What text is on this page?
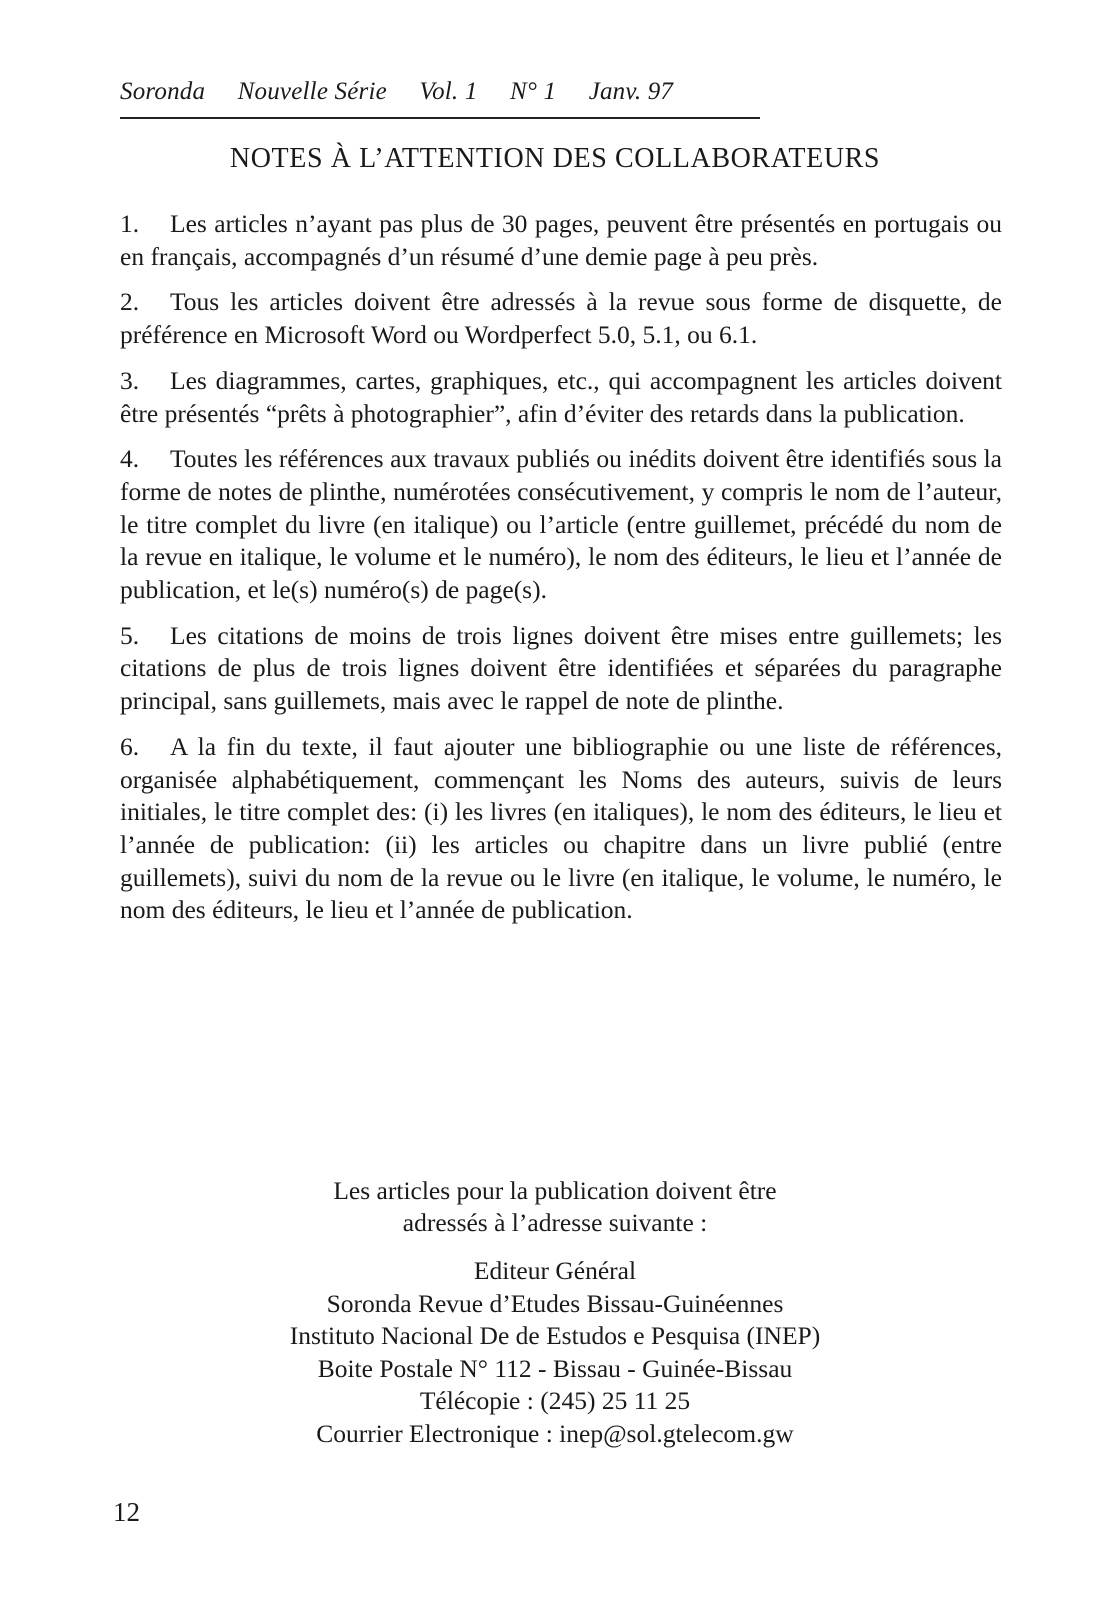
Soronda Nouvelle Série Vol. 1 N° 1 Janv. 97
NOTES À L’ATTENTION DES COLLABORATEURS

1. Les articles n’ayant pas plus de 30 pages, peuvent être présentés en portugais ou en français, accompagnés d’un résumé d’une demie page à peu près.

2. Tous les articles doivent être adressés à la revue sous forme de disquette, de préférence en Microsoft Word ou Wordperfect 5.0, 5.1, ou 6.1.

3. Les diagrammes, cartes, graphiques, etc., qui accompagnent les articles doivent être présentés “prêts à photographier”, afin d’éviter des retards dans la publication.

4. Toutes les références aux travaux publiés ou inédits doivent être identifiés sous la forme de notes de plinthe, numérotées consécutivement, y compris le nom de l’auteur, le titre complet du livre (en italique) ou l’article (entre guillemet, précédé du nom de la revue en italique, le volume et le numéro), le nom des éditeurs, le lieu et l’année de publication, et le(s) numéro(s) de page(s).

5. Les citations de moins de trois lignes doivent être mises entre guillemets; les citations de plus de trois lignes doivent être identifiées et séparées du paragraphe principal, sans guillemets, mais avec le rappel de note de plinthe.

6. A la fin du texte, il faut ajouter une bibliographie ou une liste de références, organisée alphabétiquement, commençant les Noms des auteurs, suivis de leurs initiales, le titre complet des: (i) les livres (en italiques), le nom des éditeurs, le lieu et l’année de publication: (ii) les articles ou chapitre dans un livre publié (entre guillemets), suivi du nom de la revue ou le livre (en italique, le volume, le numéro, le nom des éditeurs, le lieu et l’année de publication.

Les articles pour la publication doivent être
adressés à l’adresse suivante :
Editeur Général
Soronda Revue d’Etudes Bissau-Guinéennes
Instituto Nacional De de Estudos e Pesquisa (INEP)
Boite Postale N° 112 - Bissau - Guinée-Bissau
Télécopie : (245) 25 11 25
Courrier Electronique : inep@sol.gtelecom.gw
12
